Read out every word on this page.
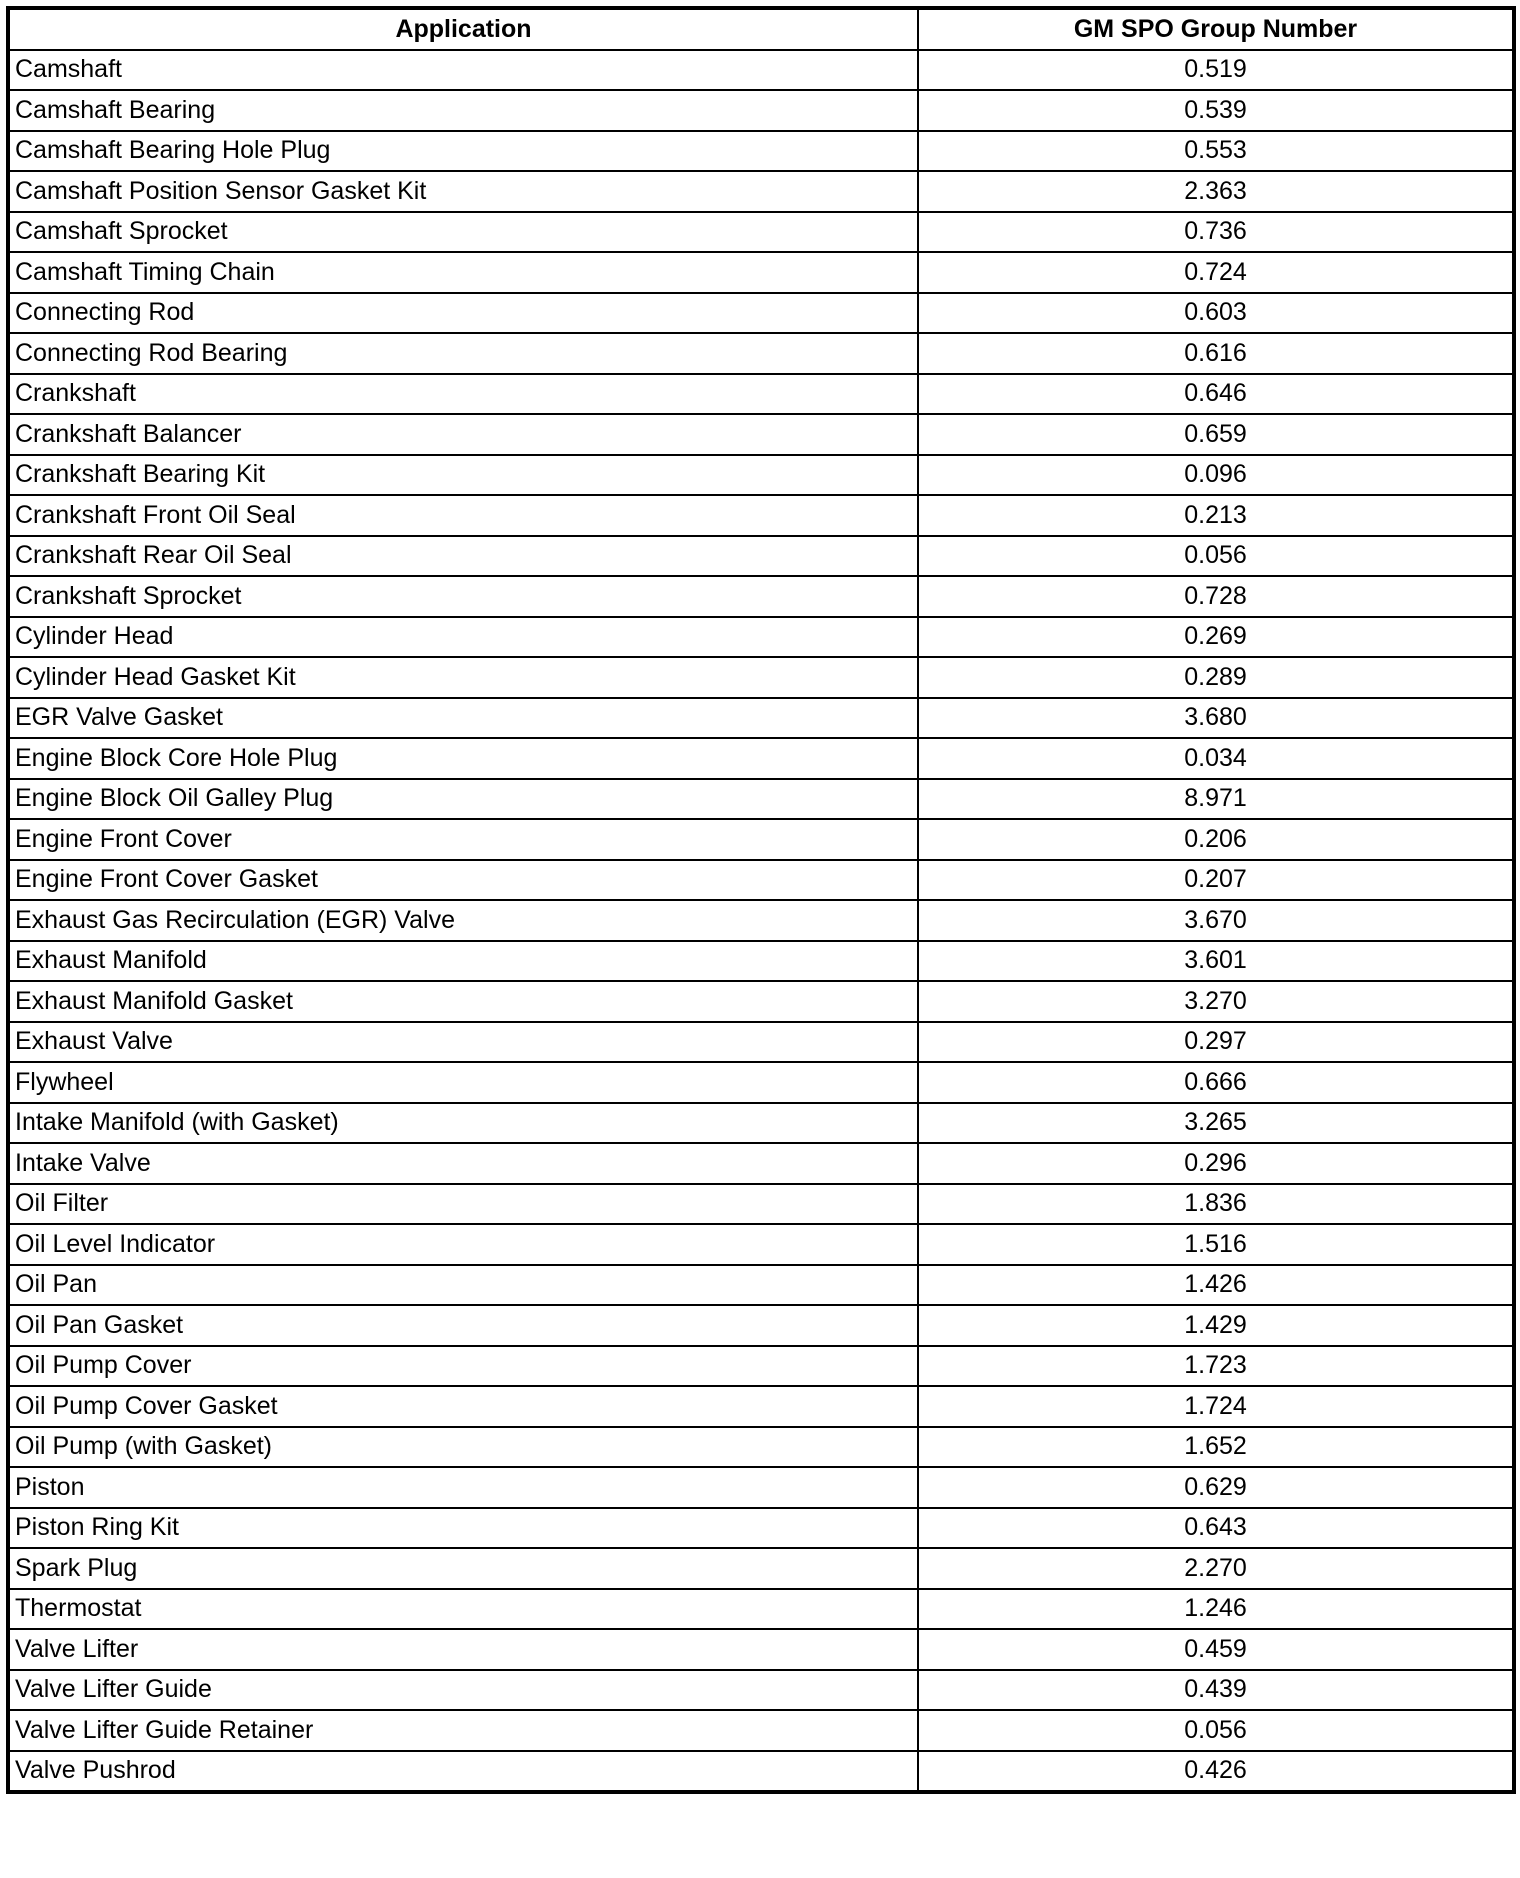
Application	GM SPO Group Number
Camshaft	0.519
Camshaft Bearing	0.539
Camshaft Bearing Hole Plug	0.553
Camshaft Position Sensor Gasket Kit	2.363
Camshaft Sprocket	0.736
Camshaft Timing Chain	0.724
Connecting Rod	0.603
Connecting Rod Bearing	0.616
Crankshaft	0.646
Crankshaft Balancer	0.659
Crankshaft Bearing Kit	0.096
Crankshaft Front Oil Seal	0.213
Crankshaft Rear Oil Seal	0.056
Crankshaft Sprocket	0.728
Cylinder Head	0.269
Cylinder Head Gasket Kit	0.289
EGR Valve Gasket	3.680
Engine Block Core Hole Plug	0.034
Engine Block Oil Galley Plug	8.971
Engine Front Cover	0.206
Engine Front Cover Gasket	0.207
Exhaust Gas Recirculation (EGR) Valve	3.670
Exhaust Manifold	3.601
Exhaust Manifold Gasket	3.270
Exhaust Valve	0.297
Flywheel	0.666
Intake Manifold (with Gasket)	3.265
Intake Valve	0.296
Oil Filter	1.836
Oil Level Indicator	1.516
Oil Pan	1.426
Oil Pan Gasket	1.429
Oil Pump Cover	1.723
Oil Pump Cover Gasket	1.724
Oil Pump (with Gasket)	1.652
Piston	0.629
Piston Ring Kit	0.643
Spark Plug	2.270
Thermostat	1.246
Valve Lifter	0.459
Valve Lifter Guide	0.439
Valve Lifter Guide Retainer	0.056
Valve Pushrod	0.426
